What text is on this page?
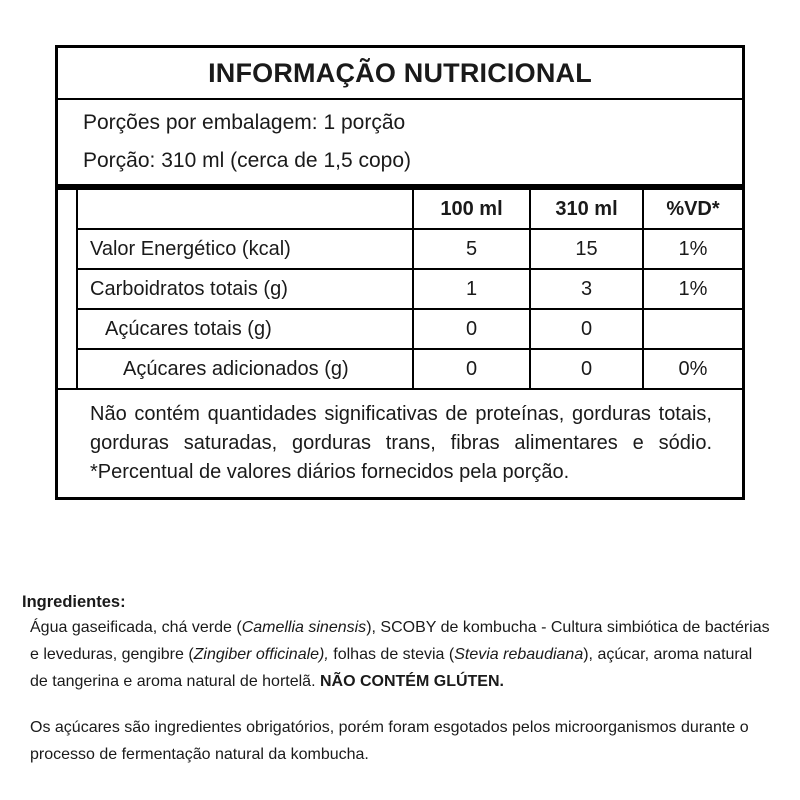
INFORMAÇÃO NUTRICIONAL
Porções por embalagem: 1 porção
Porção: 310 ml (cerca de 1,5 copo)
100 ml	310 ml	%VD*
Valor Energético (kcal)	5	15	1%
Carboidratos totais (g)	1	3	1%
Açúcares totais (g)	0	0
Açúcares adicionados (g)	0	0	0%
Não contém quantidades significativas de proteínas, gorduras totais, gorduras saturadas, gorduras trans, fibras alimentares e sódio. *Percentual de valores diários fornecidos pela porção.
Ingredientes:

Água gaseificada, chá verde (Camellia sinensis), SCOBY de kombucha - Cultura simbiótica de bactérias e leveduras, gengibre (Zingiber officinale), folhas de stevia (Stevia rebaudiana), açúcar, aroma natural de tangerina e aroma natural de hortelã. NÃO CONTÉM GLÚTEN.

Os açúcares são ingredientes obrigatórios, porém foram esgotados pelos microorganismos durante o processo de fermentação natural da kombucha.
